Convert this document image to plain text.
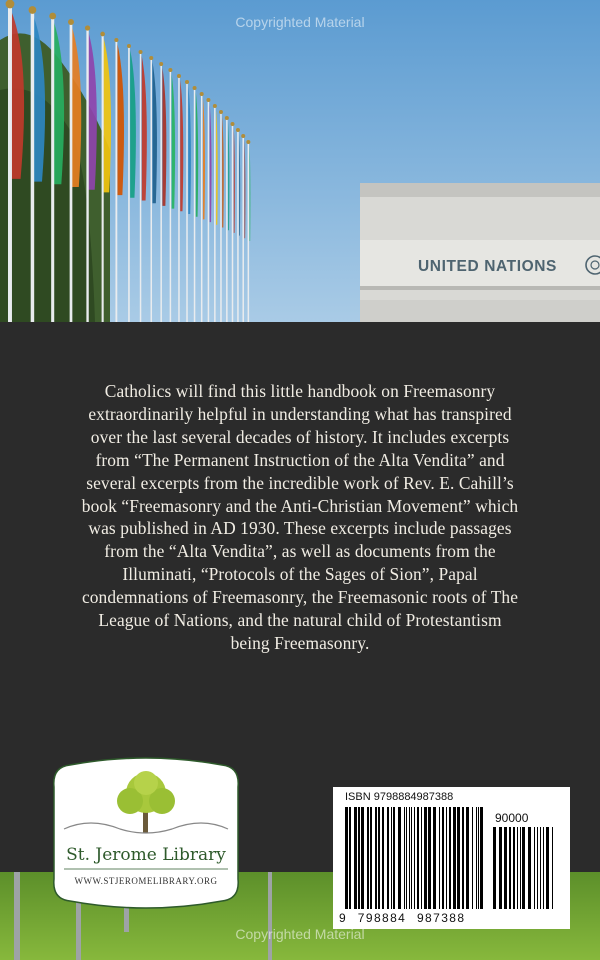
Copyrighted Material
UNITED NATIONS

Catholics will find this little handbook on Freemasonry extraordinarily helpful in understanding what has transpired over the last several decades of history. It includes excerpts from “The Permanent Instruction of the Alta Vendita” and several excerpts from the incredible work of Rev. E. Cahill’s book “Freemasonry and the Anti-Christian Movement” which was published in AD 1930. These excerpts include passages from the “Alta Vendita”, as well as documents from the Illuminati, “Protocols of the Sages of Sion”, Papal condemnations of Freemasonry, the Freemasonic roots of The League of Nations, and the natural child of Protestantism being Freemasonry.

St. Jerome Library
WWW.STJEROMELIBRARY.ORG
ISBN 9798884987388
90000
9 798884 987388
Copyrighted Material
